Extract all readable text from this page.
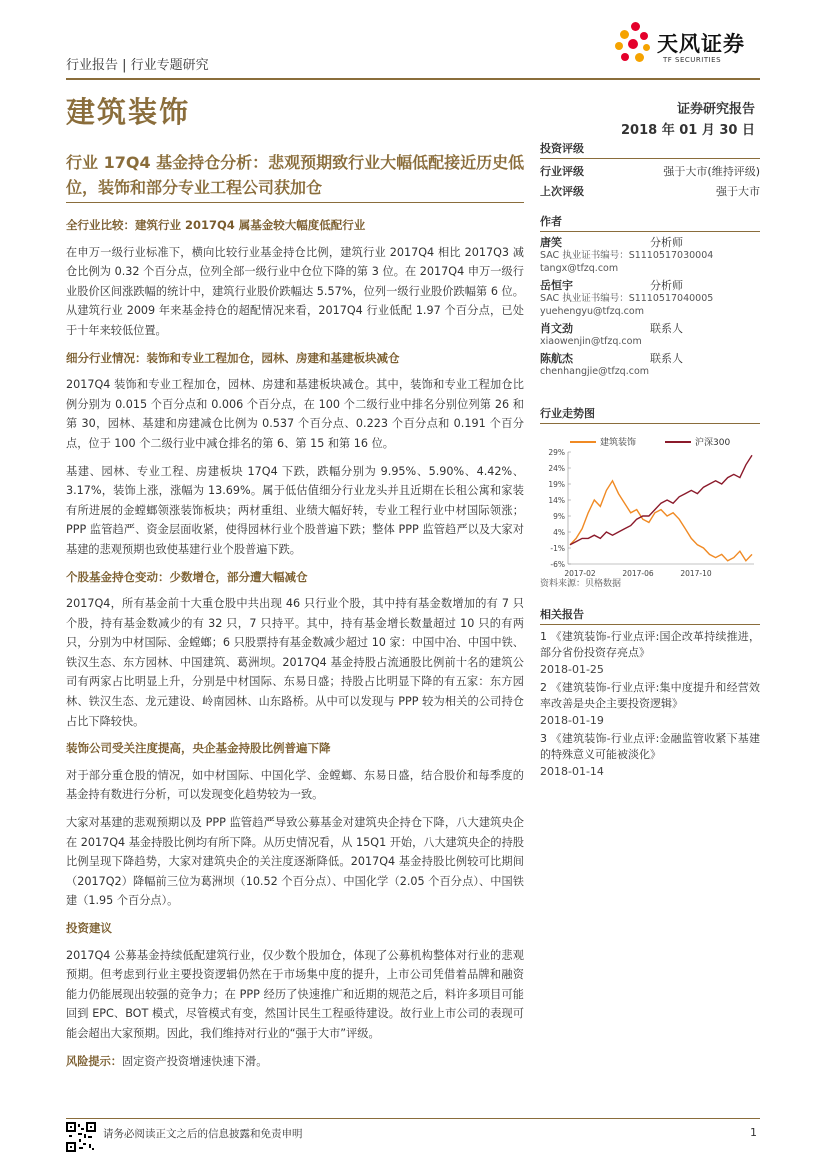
行业报告 | 行业专题研究
天风证券
TF SECURITIES
建筑装饰	证券研究报告
2018 年 01 月 30 日
行业 17Q4 基金持仓分析：悲观预期致行业大幅低配接近历史低位，装饰和部分专业工程公司获加仓
全行业比较：建筑行业 2017Q4 属基金较大幅度低配行业

在申万一级行业标准下，横向比较行业基金持仓比例，建筑行业 2017Q4 相比 2017Q3 减仓比例为 0.32 个百分点，位列全部一级行业中仓位下降的第 3 位。在 2017Q4 申万一级行业股价区间涨跌幅的统计中，建筑行业股价跌幅达 5.57%，位列一级行业股价跌幅第 6 位。从建筑行业 2009 年来基金持仓的超配情况来看，2017Q4 行业低配 1.97 个百分点，已处于十年来较低位置。

细分行业情况：装饰和专业工程加仓，园林、房建和基建板块减仓

2017Q4 装饰和专业工程加仓，园林、房建和基建板块减仓。其中，装饰和专业工程加仓比例分别为 0.015 个百分点和 0.006 个百分点，在 100 个二级行业中排名分别位列第 26 和第 30，园林、基建和房建减仓比例为 0.537 个百分点、0.223 个百分点和 0.191 个百分点，位于 100 个二级行业中减仓排名的第 6、第 15 和第 16 位。

基建、园林、专业工程、房建板块 17Q4 下跌，跌幅分别为 9.95%、5.90%、4.42%、3.17%，装饰上涨，涨幅为 13.69%。属于低估值细分行业龙头并且近期在长租公寓和家装有所进展的金螳螂领涨装饰板块；两材重组、业绩大幅好转，专业工程行业中材国际领涨；PPP 监管趋严、资金层面收紧，使得园林行业个股普遍下跌；整体 PPP 监管趋严以及大家对基建的悲观预期也致使基建行业个股普遍下跌。

个股基金持仓变动：少数增仓，部分遭大幅减仓

2017Q4，所有基金前十大重仓股中共出现 46 只行业个股，其中持有基金数增加的有 7 只个股，持有基金数减少的有 32 只，7 只持平。其中，持有基金增长数量超过 10 只的有两只，分别为中材国际、金螳螂；6 只股票持有基金数减少超过 10 家：中国中冶、中国中铁、铁汉生态、东方园林、中国建筑、葛洲坝。2017Q4 基金持股占流通股比例前十名的建筑公司有两家占比明显上升，分别是中材国际、东易日盛；持股占比明显下降的有五家：东方园林、铁汉生态、龙元建设、岭南园林、山东路桥。从中可以发现与 PPP 较为相关的公司持仓占比下降较快。

装饰公司受关注度提高，央企基金持股比例普遍下降

对于部分重仓股的情况，如中材国际、中国化学、金螳螂、东易日盛，结合股价和每季度的基金持有数进行分析，可以发现变化趋势较为一致。

大家对基建的悲观预期以及 PPP 监管趋严导致公募基金对建筑央企持仓下降，八大建筑央企在 2017Q4 基金持股比例均有所下降。从历史情况看，从 15Q1 开始，八大建筑央企的持股比例呈现下降趋势，大家对建筑央企的关注度逐渐降低。2017Q4 基金持股比例较可比期间（2017Q2）降幅前三位为葛洲坝（10.52 个百分点）、中国化学（2.05 个百分点）、中国铁建（1.95 个百分点）。

投资建议

2017Q4 公募基金持续低配建筑行业，仅少数个股加仓，体现了公募机构整体对行业的悲观预期。但考虑到行业主要投资逻辑仍然在于市场集中度的提升，上市公司凭借着品牌和融资能力仍能展现出较强的竞争力；在 PPP 经历了快速推广和近期的规范之后，料许多项目可能回到 EPC、BOT 模式，尽管模式有变，然国计民生工程亟待建设。故行业上市公司的表现可能会超出大家预期。因此，我们维持对行业的“强于大市”评级。

风险提示：固定资产投资增速快速下滑。
投资评级
行业评级	强于大市(维持评级)
上次评级	强于大市
作者
唐笑	分析师
SAC 执业证书编号：S1110517030004
tangx@tfzq.com
岳恒宇	分析师
SAC 执业证书编号：S1110517040005
yuehengyu@tfzq.com
肖文劲	联系人
xiaowenjin@tfzq.com
陈航杰	联系人
chenhangjie@tfzq.com
行业走势图
建筑装饰	沪深300
29%
24%
19%
14%
9%
4%
-1%
-6%
2017-02	2017-06	2017-10
资料来源：贝格数据
相关报告
1 《建筑装饰-行业点评:国企改革持续推进，部分省份投资存亮点》
2018-01-25
2 《建筑装饰-行业点评:集中度提升和经营效率改善是央企主要投资逻辑》
2018-01-19
3 《建筑装饰-行业点评:金融监管收紧下基建的特殊意义可能被淡化》
2018-01-14
请务必阅读正文之后的信息披露和免责申明	1
